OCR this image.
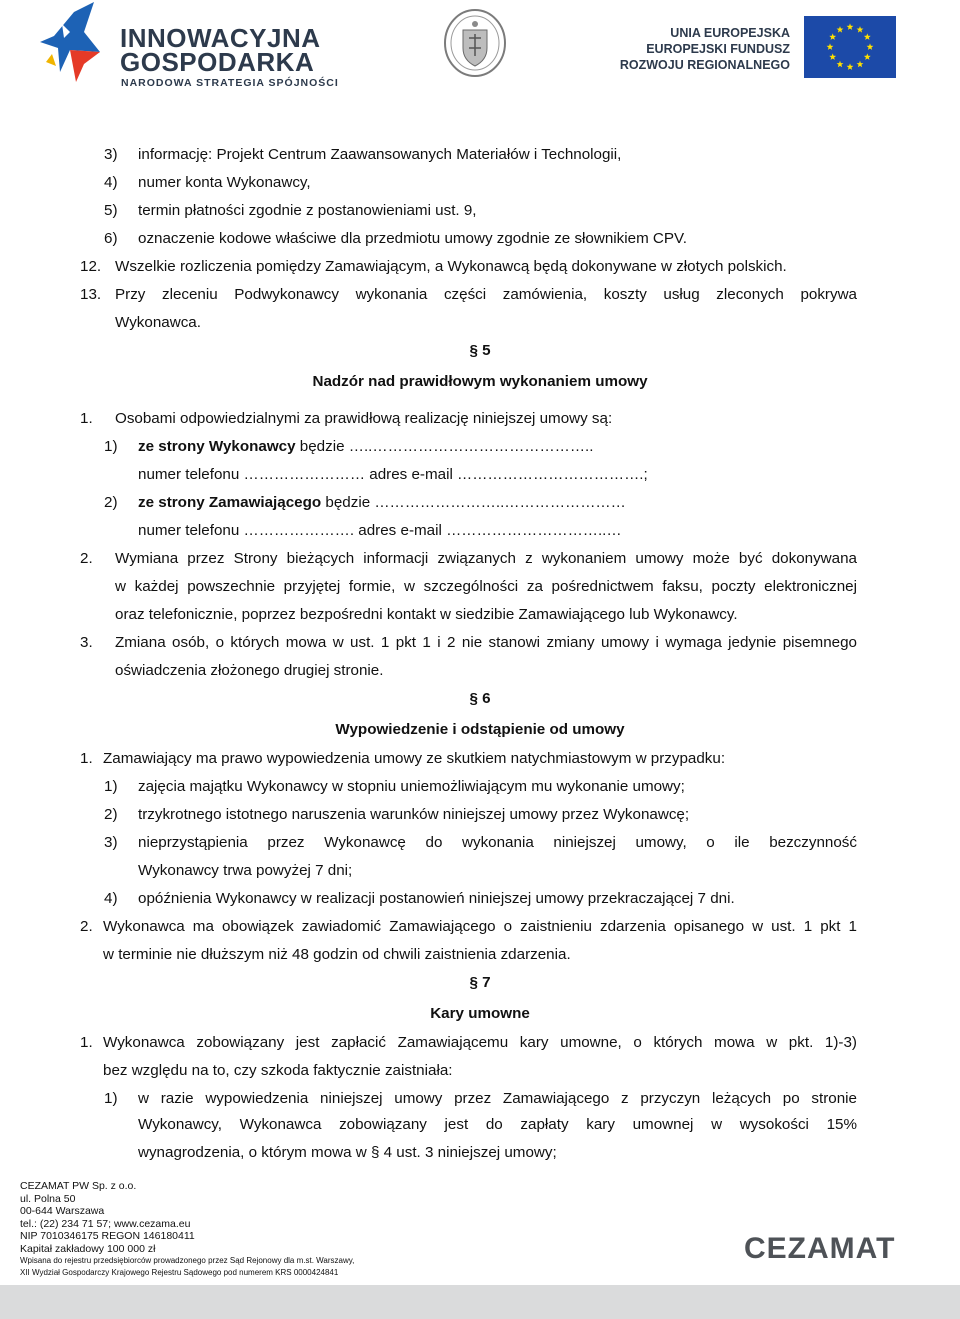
INNOWACYJNA
GOSPODARKA
NARODOWA STRATEGIA SPÓJNOŚCI
UNIA EUROPEJSKA
EUROPEJSKI FUNDUSZ
ROZWOJU REGIONALNEGO
3) informację: Projekt Centrum Zaawansowanych Materiałów i Technologii,
4) numer konta Wykonawcy,
5) termin płatności zgodnie z postanowieniami ust. 9,
6) oznaczenie kodowe właściwe dla przedmiotu umowy zgodnie ze słownikiem CPV.
12. Wszelkie rozliczenia pomiędzy Zamawiającym, a Wykonawcą będą dokonywane w złotych polskich.
13. Przy zleceniu Podwykonawcy wykonania części zamówienia, koszty usług zleconych pokrywa
Wykonawca.
§ 5
Nadzór nad prawidłowym wykonaniem umowy
1. Osobami odpowiedzialnymi za prawidłową realizację niniejszej umowy są:
1) ze strony Wykonawcy będzie …..……………………………………..
numer telefonu …………………… adres e-mail ……………………………….;
2) ze strony Zamawiającego będzie ……………………..……………………
numer telefonu …………………. adres e-mail …………………………..…
2. Wymiana przez Strony bieżących informacji związanych z wykonaniem umowy może być dokonywana
w każdej powszechnie przyjętej formie, w szczególności za pośrednictwem faksu, poczty elektronicznej
oraz telefonicznie, poprzez bezpośredni kontakt w siedzibie Zamawiającego lub Wykonawcy.
3. Zmiana osób, o których mowa w ust. 1 pkt 1 i 2 nie stanowi zmiany umowy i wymaga jedynie pisemnego
oświadczenia złożonego drugiej stronie.
§ 6
Wypowiedzenie i odstąpienie od umowy
1. Zamawiający ma prawo wypowiedzenia umowy ze skutkiem natychmiastowym w przypadku:
1) zajęcia majątku Wykonawcy w stopniu uniemożliwiającym mu wykonanie umowy;
2) trzykrotnego istotnego naruszenia warunków niniejszej umowy przez Wykonawcę;
3) nieprzystąpienia przez Wykonawcę do wykonania niniejszej umowy, o ile bezczynność
Wykonawcy trwa powyżej 7 dni;
4) opóźnienia Wykonawcy w realizacji postanowień niniejszej umowy przekraczającej 7 dni.
2. Wykonawca ma obowiązek zawiadomić Zamawiającego o zaistnieniu zdarzenia opisanego w ust. 1 pkt 1
w terminie nie dłuższym niż 48 godzin od chwili zaistnienia zdarzenia.
§ 7
Kary umowne
1. Wykonawca zobowiązany jest zapłacić Zamawiającemu kary umowne, o których mowa w pkt. 1)-3)
bez względu na to, czy szkoda faktycznie zaistniała:
1) w razie wypowiedzenia niniejszej umowy przez Zamawiającego z przyczyn leżących po stronie
Wykonawcy, Wykonawca zobowiązany jest do zapłaty kary umownej w wysokości 15%
wynagrodzenia, o którym mowa w § 4 ust. 3 niniejszej umowy;
CEZAMAT PW Sp. z o.o.
ul. Polna 50
00-644 Warszawa
tel.: (22) 234 71 57; www.cezama.eu
NIP 7010346175 REGON 146180411
Kapitał zakładowy 100 000 zł
Wpisana do rejestru przedsiębiorców prowadzonego przez Sąd Rejonowy dla m.st. Warszawy,
XII Wydział Gospodarczy Krajowego Rejestru Sądowego pod numerem KRS 0000424841
CEZAMAT
